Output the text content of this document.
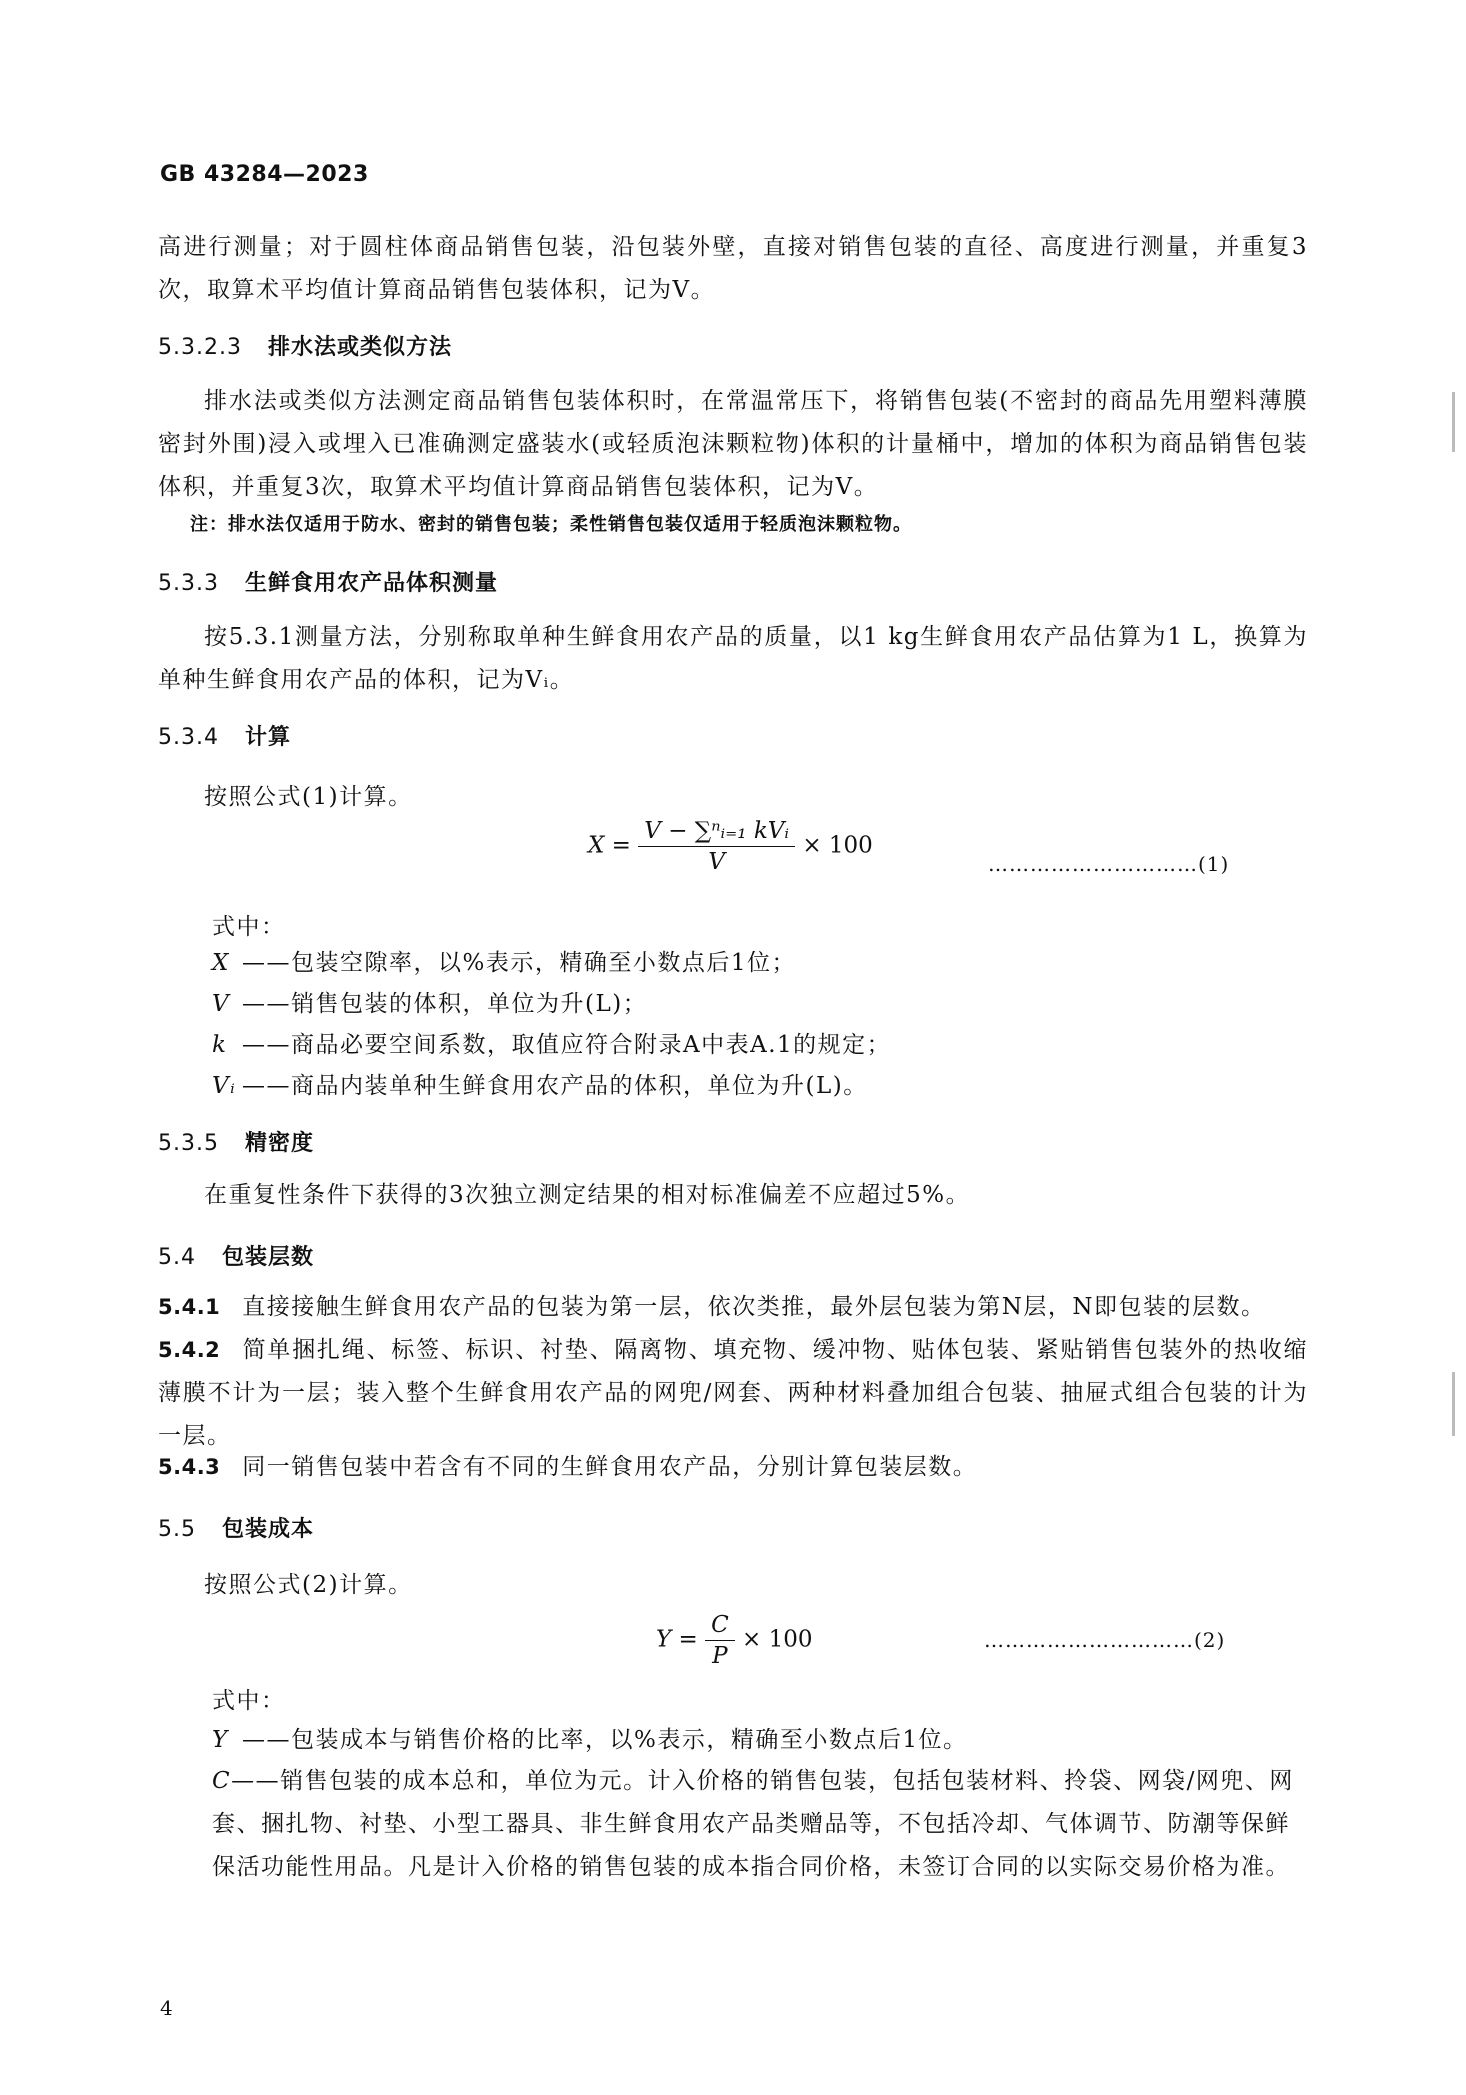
GB 43284—2023

高进行测量；对于圆柱体商品销售包装，沿包装外壁，直接对销售包装的直径、高度进行测量，并重复3次，取算术平均值计算商品销售包装体积，记为V。

5.3.2.3 排水法或类似方法

排水法或类似方法测定商品销售包装体积时，在常温常压下，将销售包装(不密封的商品先用塑料薄膜密封外围)浸入或埋入已准确测定盛装水(或轻质泡沫颗粒物)体积的计量桶中，增加的体积为商品销售包装体积，并重复3次，取算术平均值计算商品销售包装体积，记为V。

注：排水法仅适用于防水、密封的销售包装；柔性销售包装仅适用于轻质泡沫颗粒物。

5.3.3 生鲜食用农产品体积测量

按5.3.1测量方法，分别称取单种生鲜食用农产品的质量，以1 kg生鲜食用农产品估算为1 L，换算为单种生鲜食用农产品的体积，记为Vᵢ。

5.3.4 计算

按照公式(1)计算。

$X = \frac{\text{V − ∑ⁿᵢ₌₁ kVᵢ}}{V} \times 100$
…………………………(1)

式中：

X ——包装空隙率，以%表示，精确至小数点后1位；

V ——销售包装的体积，单位为升(L)；

k ——商品必要空间系数，取值应符合附录A中表A.1的规定；

Vᵢ ——商品内装单种生鲜食用农产品的体积，单位为升(L)。

5.3.5 精密度

在重复性条件下获得的3次独立测定结果的相对标准偏差不应超过5%。

5.4 包装层数

5.4.1 直接接触生鲜食用农产品的包装为第一层，依次类推，最外层包装为第N层，N即包装的层数。

5.4.2 简单捆扎绳、标签、标识、衬垫、隔离物、填充物、缓冲物、贴体包装、紧贴销售包装外的热收缩薄膜不计为一层；装入整个生鲜食用农产品的网兜/网套、两种材料叠加组合包装、抽屉式组合包装的计为一层。

5.4.3 同一销售包装中若含有不同的生鲜食用农产品，分别计算包装层数。

5.5 包装成本

按照公式(2)计算。

$Y = \frac{C}{P} \times 100$	…………………………(2)

式中：

Y ——包装成本与销售价格的比率，以%表示，精确至小数点后1位。

C——销售包装的成本总和，单位为元。计入价格的销售包装，包括包装材料、拎袋、网袋/网兜、网套、捆扎物、衬垫、小型工器具、非生鲜食用农产品类赠品等，不包括冷却、气体调节、防潮等保鲜保活功能性用品。凡是计入价格的销售包装的成本指合同价格，未签订合同的以实际交易价格为准。
4
